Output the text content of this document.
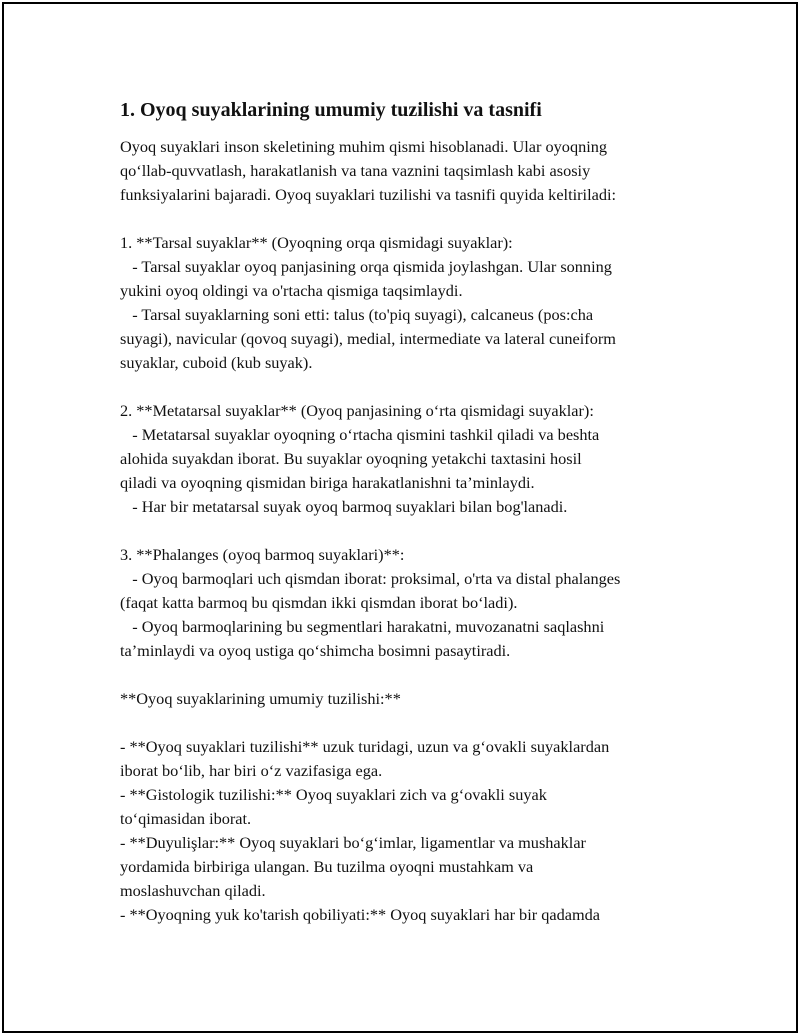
1. Oyoq suyaklarining umumiy tuzilishi va tasnifi
Oyoq suyaklari inson skeletining muhim qismi hisoblanadi. Ular oyoqning
qo‘llab-quvvatlash, harakatlanish va tana vaznini taqsimlash kabi asosiy
funksiyalarini bajaradi. Oyoq suyaklari tuzilishi va tasnifi quyida keltiriladi:
1. **Tarsal suyaklar** (Oyoqning orqa qismidagi suyaklar):
- Tarsal suyaklar oyoq panjasining orqa qismida joylashgan. Ular sonning
yukini oyoq oldingi va o'rtacha qismiga taqsimlaydi.
- Tarsal suyaklarning soni etti: talus (to'piq suyagi), calcaneus (pos:cha
suyagi), navicular (qovoq suyagi), medial, intermediate va lateral cuneiform
suyaklar, cuboid (kub suyak).
2. **Metatarsal suyaklar** (Oyoq panjasining o‘rta qismidagi suyaklar):
- Metatarsal suyaklar oyoqning o‘rtacha qismini tashkil qiladi va beshta
alohida suyakdan iborat. Bu suyaklar oyoqning yetakchi taxtasini hosil
qiladi va oyoqning qismidan biriga harakatlanishni ta’minlaydi.
- Har bir metatarsal suyak oyoq barmoq suyaklari bilan bog'lanadi.
3. **Phalanges (oyoq barmoq suyaklari)**:
- Oyoq barmoqlari uch qismdan iborat: proksimal, o'rta va distal phalanges
(faqat katta barmoq bu qismdan ikki qismdan iborat bo‘ladi).
- Oyoq barmoqlarining bu segmentlari harakatni, muvozanatni saqlashni
ta’minlaydi va oyoq ustiga qo‘shimcha bosimni pasaytiradi.
**Oyoq suyaklarining umumiy tuzilishi:**
- **Oyoq suyaklari tuzilishi** uzuk turidagi, uzun va g‘ovakli suyaklardan
iborat bo‘lib, har biri o‘z vazifasiga ega.
- **Gistologik tuzilishi:** Oyoq suyaklari zich va g‘ovakli suyak
to‘qimasidan iborat.
- **Duyulişlar:** Oyoq suyaklari bo‘g‘imlar, ligamentlar va mushaklar
yordamida birbiriga ulangan. Bu tuzilma oyoqni mustahkam va
moslashuvchan qiladi.
- **Oyoqning yuk ko'tarish qobiliyati:** Oyoq suyaklari har bir qadamda
